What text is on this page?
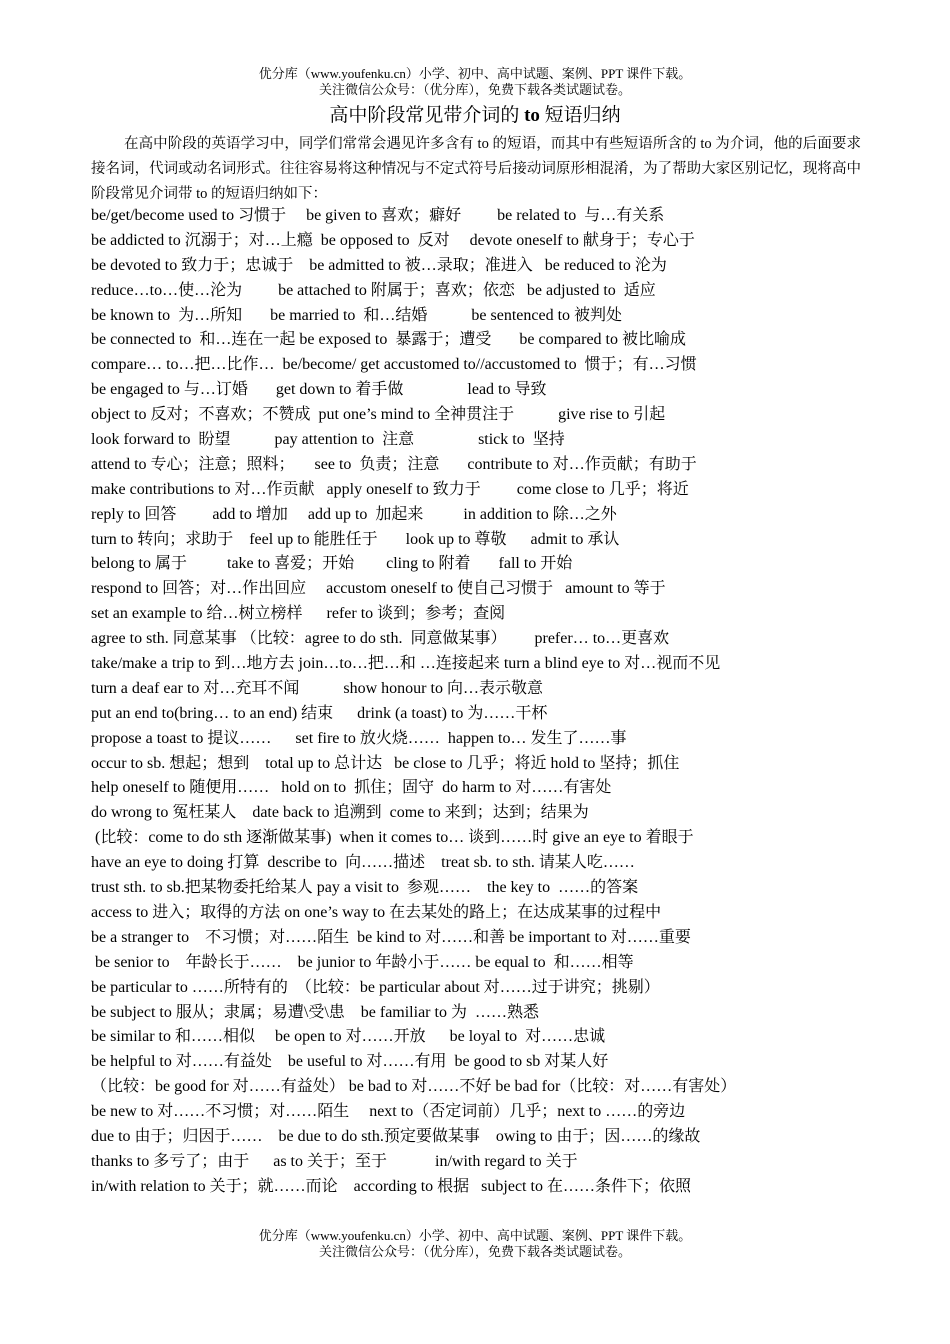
优分库（www.youfenku.cn）小学、初中、高中试题、案例、PPT 课件下载。
关注微信公众号：（优分库），免费下载各类试题试卷。
高中阶段常见带介词的 to 短语归纳
在高中阶段的英语学习中，同学们常常会遇见许多含有 to 的短语，而其中有些短语所含的 to 为介词，他的后面要求接名词，代词或动名词形式。往往容易将这种情况与不定式符号后接动词原形相混淆，为了帮助大家区别记忆，现将高中阶段常见介词带 to 的短语归纳如下：
be/get/become used to 习惯于     be given to 喜欢；癖好         be related to  与…有关系
be addicted to 沉溺于；对…上瘾  be opposed to  反对     devote oneself to 献身于；专心于
be devoted to 致力于；忠诚于    be admitted to 被…录取；准进入   be reduced to 沦为
reduce…to…使…沦为         be attached to 附属于；喜欢；依恋   be adjusted to  适应
be known to  为…所知       be married to  和…结婚           be sentenced to 被判处
be connected to  和…连在一起 be exposed to  暴露于；遭受       be compared to 被比喻成
compare… to…把…比作…  be/become/ get accustomed to//accustomed to  惯于；有…习惯
be engaged to 与…订婚       get down to 着手做                lead to 导致
object to 反对；不喜欢；不赞成  put one’s mind to 全神贯注于           give rise to 引起
look forward to  盼望           pay attention to  注意                stick to  坚持
attend to 专心；注意；照料；     see to  负责；注意       contribute to 对…作贡献；有助于
make contributions to 对…作贡献   apply oneself to 致力于         come close to 几乎；将近
reply to 回答         add to 增加     add up to  加起来          in addition to 除…之外
turn to 转向；求助于    feel up to 能胜任于       look up to 尊敬      admit to 承认
belong to 属于          take to 喜爱；开始        cling to 附着       fall to 开始
respond to 回答；对…作出回应     accustom oneself to 使自己习惯于   amount to 等于
set an example to 给…树立榜样      refer to 谈到；参考；查阅
agree to sth. 同意某事 （比较：agree to do sth.  同意做某事）       prefer… to…更喜欢
take/make a trip to 到…地方去 join…to…把…和 …连接起来 turn a blind eye to 对…视而不见
turn a deaf ear to 对…充耳不闻           show honour to 向…表示敬意
put an end to(bring… to an end) 结束      drink (a toast) to 为……干杯
propose a toast to 提议……      set fire to 放火烧……  happen to… 发生了……事
occur to sb. 想起；想到    total up to 总计达   be close to 几乎；将近 hold to 坚持；抓住
help oneself to 随便用……   hold on to  抓住；固守  do harm to 对……有害处
do wrong to 冤枉某人    date back to 追溯到  come to 来到；达到；结果为
(比较：come to do sth 逐渐做某事)  when it comes to… 谈到……时 give an eye to 着眼于
have an eye to doing 打算  describe to  向……描述    treat sb. to sth. 请某人吃……
trust sth. to sb.把某物委托给某人 pay a visit to  参观……    the key to  ……的答案
access to 进入；取得的方法 on one’s way to 在去某处的路上；在达成某事的过程中
be a stranger to    不习惯；对……陌生  be kind to 对……和善 be important to 对……重要
be senior to    年龄长于……    be junior to 年龄小于…… be equal to  和……相等
be particular to ……所特有的  （比较：be particular about 对……过于讲究；挑剔）
be subject to 服从；隶属；易遭\受\患    be familiar to 为  ……熟悉
be similar to 和……相似     be open to 对……开放      be loyal to  对……忠诚
be helpful to 对……有益处    be useful to 对……有用  be good to sb 对某人好
（比较：be good for 对……有益处） be bad to 对……不好 be bad for（比较：对……有害处）
be new to 对……不习惯；对……陌生     next to（否定词前）几乎；next to ……的旁边
due to 由于；归因于……    be due to do sth.预定要做某事    owing to 由于；因……的缘故
thanks to 多亏了；由于      as to 关于；至于            in/with regard to 关于
in/with relation to 关于；就……而论    according to 根据   subject to 在……条件下；依照
优分库（www.youfenku.cn）小学、初中、高中试题、案例、PPT 课件下载。
关注微信公众号：（优分库），免费下载各类试题试卷。
